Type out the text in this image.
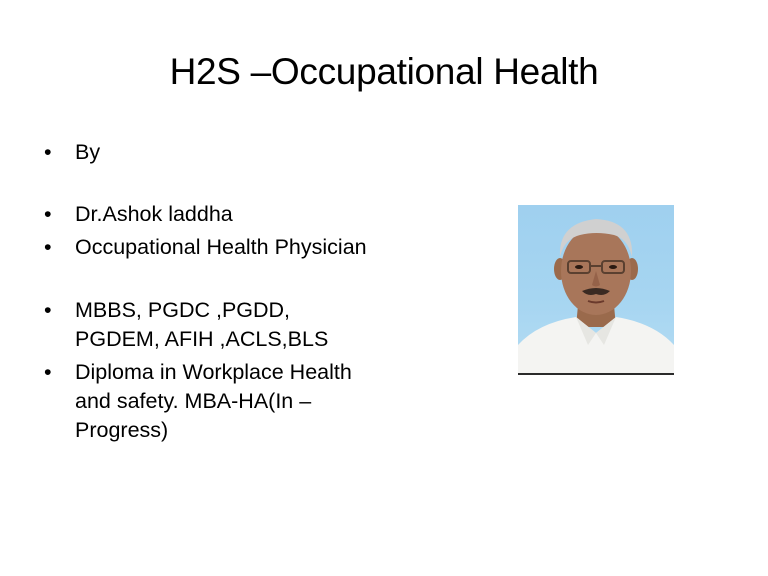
H2S –Occupational Health
• By
• Dr.Ashok laddha
• Occupational Health Physician
• MBBS, PGDC ,PGDD, PGDEM, AFIH ,ACLS,BLS
• Diploma in Workplace Health and safety. MBA-HA(In –Progress)
